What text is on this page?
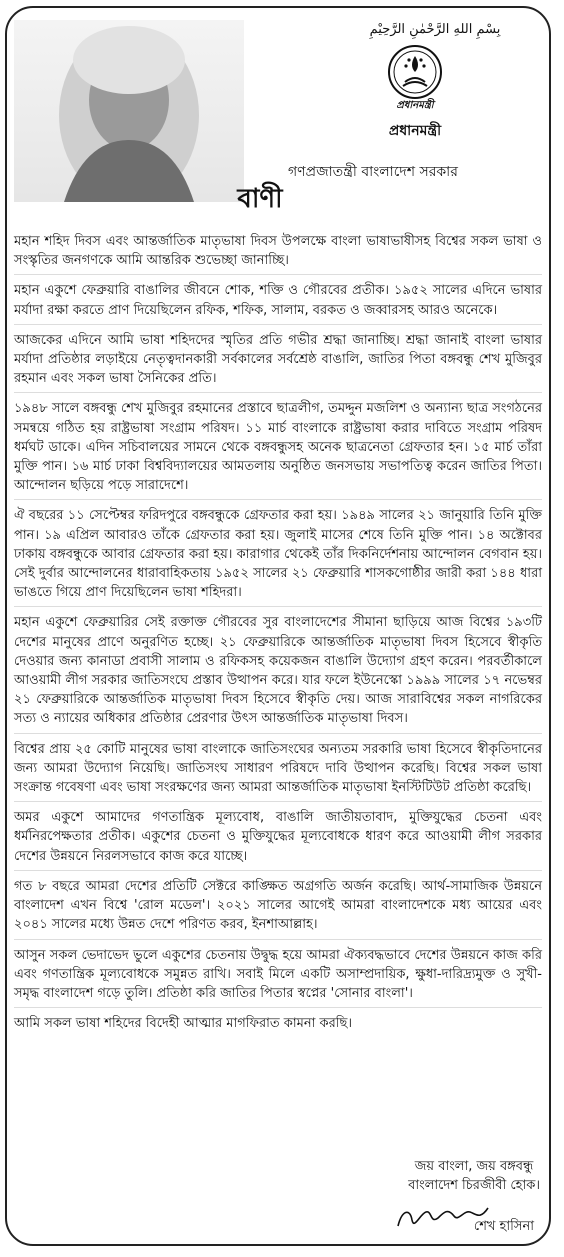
بِسْمِ اللهِ الرَّحْمٰنِ الرَّحِيْمِ
প্রধানমন্ত্রী
প্রধানমন্ত্রী
গণপ্রজাতন্ত্রী বাংলাদেশ সরকার
বাণী

মহান শহিদ দিবস এবং আন্তর্জাতিক মাতৃভাষা দিবস উপলক্ষে বাংলা ভাষাভাষীসহ বিশ্বের সকল ভাষা ও সংস্কৃতির জনগণকে আমি আন্তরিক শুভেচ্ছা জানাচ্ছি।

মহান একুশে ফেব্রুয়ারি বাঙালির জীবনে শোক, শক্তি ও গৌরবের প্রতীক। ১৯৫২ সালের এদিনে ভাষার মর্যাদা রক্ষা করতে প্রাণ দিয়েছিলেন রফিক, শফিক, সালাম, বরকত ও জব্বারসহ আরও অনেকে।

আজকের এদিনে আমি ভাষা শহিদদের স্মৃতির প্রতি গভীর শ্রদ্ধা জানাচ্ছি। শ্রদ্ধা জানাই বাংলা ভাষার মর্যাদা প্রতিষ্ঠার লড়াইয়ে নেতৃত্বদানকারী সর্বকালের সর্বশ্রেষ্ঠ বাঙালি, জাতির পিতা বঙ্গবন্ধু শেখ মুজিবুর রহমান এবং সকল ভাষা সৈনিকের প্রতি।

১৯৪৮ সালে বঙ্গবন্ধু শেখ মুজিবুর রহমানের প্রস্তাবে ছাত্রলীগ, তমদ্দুন মজলিশ ও অন্যান্য ছাত্র সংগঠনের সমন্বয়ে গঠিত হয় রাষ্ট্রভাষা সংগ্রাম পরিষদ। ১১ মার্চ বাংলাকে রাষ্ট্রভাষা করার দাবিতে সংগ্রাম পরিষদ ধর্মঘট ডাকে। এদিন সচিবালয়ের সামনে থেকে বঙ্গবন্ধুসহ অনেক ছাত্রনেতা গ্রেফতার হন। ১৫ মার্চ তাঁরা মুক্তি পান। ১৬ মার্চ ঢাকা বিশ্ববিদ্যালয়ের আমতলায় অনুষ্ঠিত জনসভায় সভাপতিত্ব করেন জাতির পিতা। আন্দোলন ছড়িয়ে পড়ে সারাদেশে।

ঐ বছরের ১১ সেপ্টেম্বর ফরিদপুরে বঙ্গবন্ধুকে গ্রেফতার করা হয়। ১৯৪৯ সালের ২১ জানুয়ারি তিনি মুক্তি পান। ১৯ এপ্রিল আবারও তাঁকে গ্রেফতার করা হয়। জুলাই মাসের শেষে তিনি মুক্তি পান। ১৪ অক্টোবর ঢাকায় বঙ্গবন্ধুকে আবার গ্রেফতার করা হয়। কারাগার থেকেই তাঁর দিকনির্দেশনায় আন্দোলন বেগবান হয়। সেই দুর্বার আন্দোলনের ধারাবাহিকতায় ১৯৫২ সালের ২১ ফেব্রুয়ারি শাসকগোষ্ঠীর জারী করা ১৪৪ ধারা ভাঙতে গিয়ে প্রাণ দিয়েছিলেন ভাষা শহিদরা।

মহান একুশে ফেব্রুয়ারির সেই রক্তাক্ত গৌরবের সুর বাংলাদেশের সীমানা ছাড়িয়ে আজ বিশ্বের ১৯৩টি দেশের মানুষের প্রাণে অনুরণিত হচ্ছে। ২১ ফেব্রুয়ারিকে আন্তর্জাতিক মাতৃভাষা দিবস হিসেবে স্বীকৃতি দেওয়ার জন্য কানাডা প্রবাসী সালাম ও রফিকসহ কয়েকজন বাঙালি উদ্যোগ গ্রহণ করেন। পরবর্তীকালে আওয়ামী লীগ সরকার জাতিসংঘে প্রস্তাব উত্থাপন করে। যার ফলে ইউনেস্কো ১৯৯৯ সালের ১৭ নভেম্বর ২১ ফেব্রুয়ারিকে আন্তর্জাতিক মাতৃভাষা দিবস হিসেবে স্বীকৃতি দেয়। আজ সারাবিশ্বের সকল নাগরিকের সত্য ও ন্যায়ের অধিকার প্রতিষ্ঠার প্রেরণার উৎস আন্তর্জাতিক মাতৃভাষা দিবস।

বিশ্বের প্রায় ২৫ কোটি মানুষের ভাষা বাংলাকে জাতিসংঘের অন্যতম সরকারি ভাষা হিসেবে স্বীকৃতিদানের জন্য আমরা উদ্যোগ নিয়েছি। জাতিসংঘ সাধারণ পরিষদে দাবি উত্থাপন করেছি। বিশ্বের সকল ভাষা সংক্রান্ত গবেষণা এবং ভাষা সংরক্ষণের জন্য আমরা আন্তর্জাতিক মাতৃভাষা ইনস্টিটিউট প্রতিষ্ঠা করেছি।

অমর একুশে আমাদের গণতান্ত্রিক মূল্যবোধ, বাঙালি জাতীয়তাবাদ, মুক্তিযুদ্ধের চেতনা এবং ধর্মনিরপেক্ষতার প্রতীক। একুশের চেতনা ও মুক্তিযুদ্ধের মূল্যবোধকে ধারণ করে আওয়ামী লীগ সরকার দেশের উন্নয়নে নিরলসভাবে কাজ করে যাচ্ছে।

গত ৮ বছরে আমরা দেশের প্রতিটি সেক্টরে কাঙ্ক্ষিত অগ্রগতি অর্জন করেছি। আর্থ-সামাজিক উন্নয়নে বাংলাদেশ এখন বিশ্বে 'রোল মডেল'। ২০২১ সালের আগেই আমরা বাংলাদেশকে মধ্য আয়ের এবং ২০৪১ সালের মধ্যে উন্নত দেশে পরিণত করব, ইনশাআল্লাহ।

আসুন সকল ভেদাভেদ ভুলে একুশের চেতনায় উদ্বুদ্ধ হয়ে আমরা ঐক্যবদ্ধভাবে দেশের উন্নয়নে কাজ করি এবং গণতান্ত্রিক মূল্যবোধকে সমুন্নত রাখি। সবাই মিলে একটি অসাম্প্রদায়িক, ক্ষুধা-দারিদ্র্যমুক্ত ও সুখী-সমৃদ্ধ বাংলাদেশ গড়ে তুলি। প্রতিষ্ঠা করি জাতির পিতার স্বপ্নের 'সোনার বাংলা'।

আমি সকল ভাষা শহিদের বিদেহী আত্মার মাগফিরাত কামনা করছি।

জয় বাংলা, জয় বঙ্গবন্ধু
বাংলাদেশ চিরজীবী হোক।
শেখ হাসিনা
